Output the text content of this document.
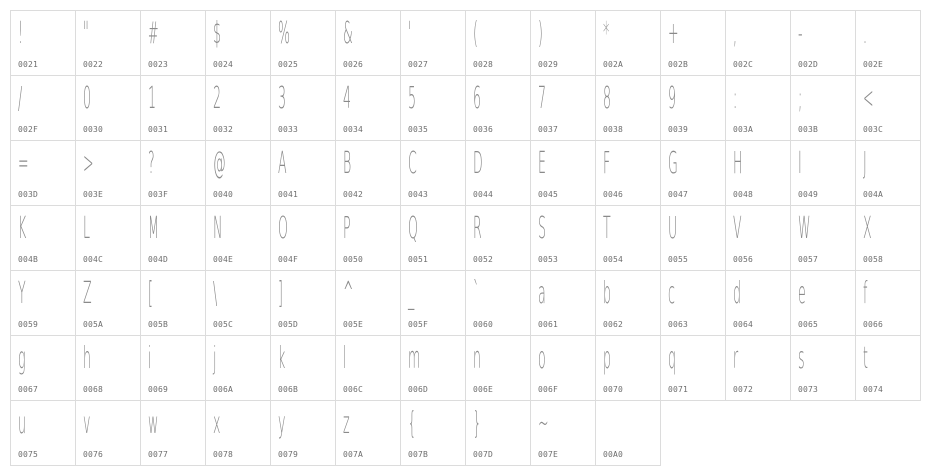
!
0021
"
0022
#
0023
$
0024
%
0025
&
0026
'
0027
(
0028
)
0029
*
002A
+
002B
,
002C
-
002D
.
002E
/
002F
0
0030
1
0031
2
0032
3
0033
4
0034
5
0035
6
0036
7
0037
8
0038
9
0039
:
003A
;
003B
<
003C
=
003D
>
003E
?
003F
@
0040
A
0041
B
0042
C
0043
D
0044
E
0045
F
0046
G
0047
H
0048
I
0049
J
004A
K
004B
L
004C
M
004D
N
004E
O
004F
P
0050
Q
0051
R
0052
S
0053
T
0054
U
0055
V
0056
W
0057
X
0058
Y
0059
Z
005A
[
005B
\
005C
]
005D
^
005E
_
005F
`
0060
a
0061
b
0062
c
0063
d
0064
e
0065
f
0066
g
0067
h
0068
i
0069
j
006A
k
006B
l
006C
m
006D
n
006E
o
006F
p
0070
q
0071
r
0072
s
0073
t
0074
u
0075
v
0076
w
0077
x
0078
y
0079
z
007A
{
007B
}
007D
~
007E	00A0
